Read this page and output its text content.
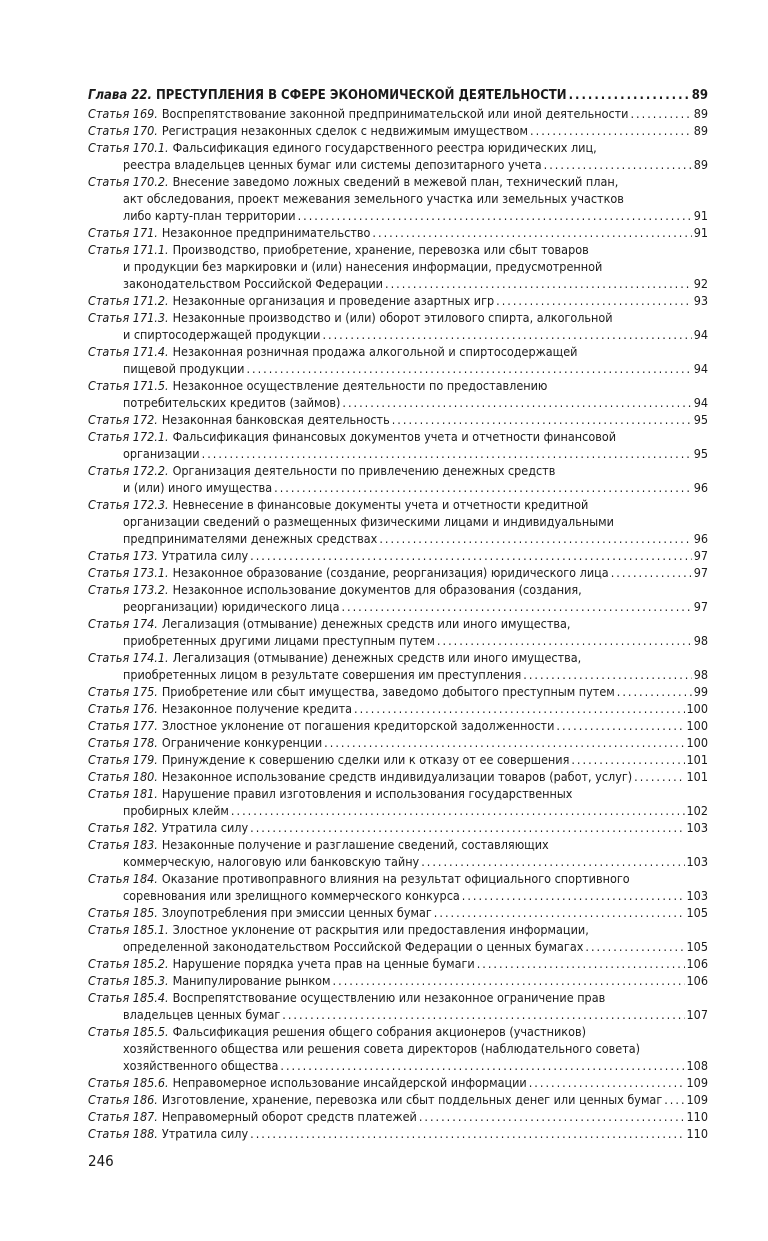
Глава 22. ПРЕСТУПЛЕНИЯ В СФЕРЕ ЭКОНОМИЧЕСКОЙ ДЕЯТЕЛЬНОСТИ .....	89
Статья 169. Воспрепятствование законной предпринимательской или иной деятельности .....	89
Статья 170. Регистрация незаконных сделок с недвижимым имуществом .....	89
Статья 170.1. Фальсификация единого государственного реестра юридических лиц,
реестра владельцев ценных бумаг или системы депозитарного учета .....	89
Статья 170.2. Внесение заведомо ложных сведений в межевой план, технический план,
акт обследования, проект межевания земельного участка или земельных участков
либо карту-план территории .....	91
Статья 171. Незаконное предпринимательство .....	91
Статья 171.1. Производство, приобретение, хранение, перевозка или сбыт товаров
и продукции без маркировки и (или) нанесения информации, предусмотренной
законодательством Российской Федерации .....	92
Статья 171.2. Незаконные организация и проведение азартных игр .....	93
Статья 171.3. Незаконные производство и (или) оборот этилового спирта, алкогольной
и спиртосодержащей продукции .....	94
Статья 171.4. Незаконная розничная продажа алкогольной и спиртосодержащей
пищевой продукции .....	94
Статья 171.5. Незаконное осуществление деятельности по предоставлению
потребительских кредитов (займов) .....	94
Статья 172. Незаконная банковская деятельность .....	95
Статья 172.1. Фальсификация финансовых документов учета и отчетности финансовой
организации .....	95
Статья 172.2. Организация деятельности по привлечению денежных средств
и (или) иного имущества .....	96
Статья 172.3. Невнесение в финансовые документы учета и отчетности кредитной
организации сведений о размещенных физическими лицами и индивидуальными
предпринимателями денежных средствах .....	96
Статья 173. Утратила силу .....	97
Статья 173.1. Незаконное образование (создание, реорганизация) юридического лица .....	97
Статья 173.2. Незаконное использование документов для образования (создания,
реорганизации) юридического лица .....	97
Статья 174. Легализация (отмывание) денежных средств или иного имущества,
приобретенных другими лицами преступным путем .....	98
Статья 174.1. Легализация (отмывание) денежных средств или иного имущества,
приобретенных лицом в результате совершения им преступления .....	98
Статья 175. Приобретение или сбыт имущества, заведомо добытого преступным путем .....	99
Статья 176. Незаконное получение кредита .....	100
Статья 177. Злостное уклонение от погашения кредиторской задолженности .....	100
Статья 178. Ограничение конкуренции .....	100
Статья 179. Принуждение к совершению сделки или к отказу от ее совершения .....	101
Статья 180. Незаконное использование средств индивидуализации товаров (работ, услуг) .....	101
Статья 181. Нарушение правил изготовления и использования государственных
пробирных клейм .....	102
Статья 182. Утратила силу .....	103
Статья 183. Незаконные получение и разглашение сведений, составляющих
коммерческую, налоговую или банковскую тайну .....	103
Статья 184. Оказание противоправного влияния на результат официального спортивного
соревнования или зрелищного коммерческого конкурса .....	103
Статья 185. Злоупотребления при эмиссии ценных бумаг .....	105
Статья 185.1. Злостное уклонение от раскрытия или предоставления информации,
определенной законодательством Российской Федерации о ценных бумагах .....	105
Статья 185.2. Нарушение порядка учета прав на ценные бумаги .....	106
Статья 185.3. Манипулирование рынком .....	106
Статья 185.4. Воспрепятствование осуществлению или незаконное ограничение прав
владельцев ценных бумаг .....	107
Статья 185.5. Фальсификация решения общего собрания акционеров (участников)
хозяйственного общества или решения совета директоров (наблюдательного совета)
хозяйственного общества .....	108
Статья 185.6. Неправомерное использование инсайдерской информации .....	109
Статья 186. Изготовление, хранение, перевозка или сбыт поддельных денег или ценных бумаг ..... 109
Статья 187. Неправомерный оборот средств платежей .....	110
Статья 188. Утратила силу .....	110
246
